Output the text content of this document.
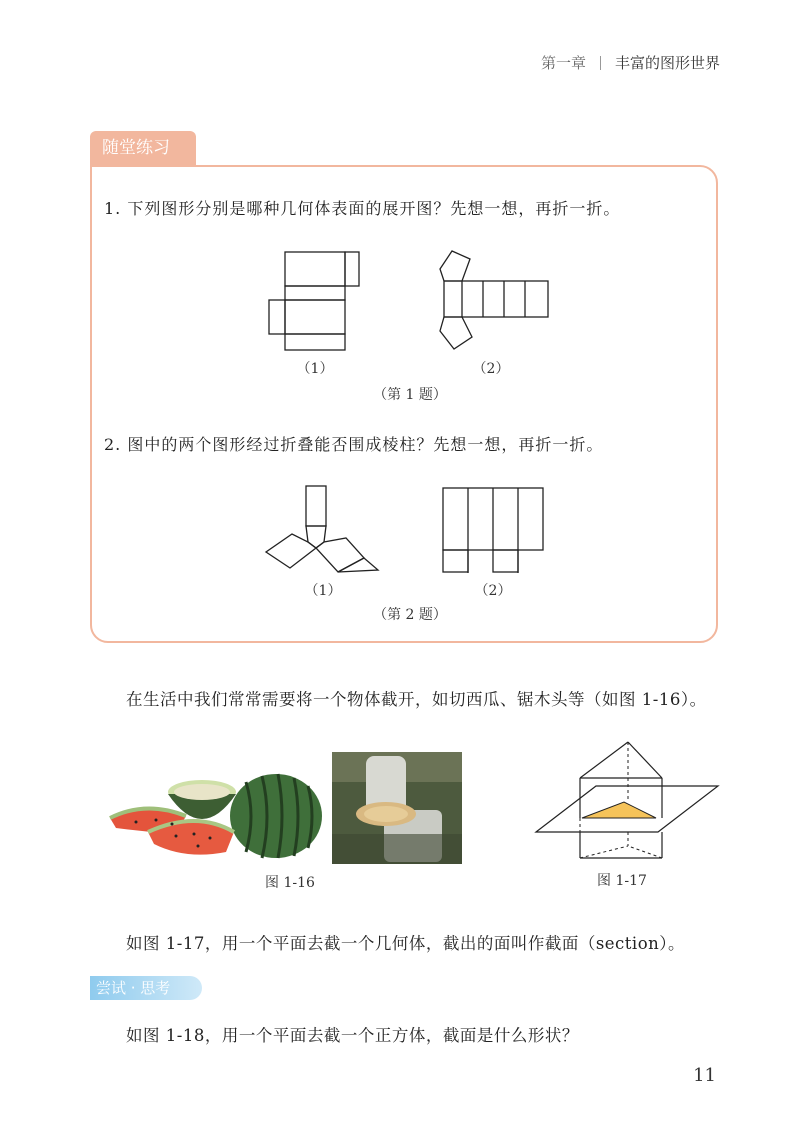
第一章 丰富的图形世界
随堂练习
1. 下列图形分别是哪种几何体表面的展开图？先想一想，再折一折。
（1）	（2）
（第 1 题）
2. 图中的两个图形经过折叠能否围成棱柱？先想一想，再折一折。
（1）	（2）
（第 2 题）
在生活中我们常常需要将一个物体截开，如切西瓜、锯木头等（如图 1-16）。
图 1-16	图 1-17
如图 1-17，用一个平面去截一个几何体，截出的面叫作截面（section）。
尝试 · 思考
如图 1-18，用一个平面去截一个正方体，截面是什么形状？
11
